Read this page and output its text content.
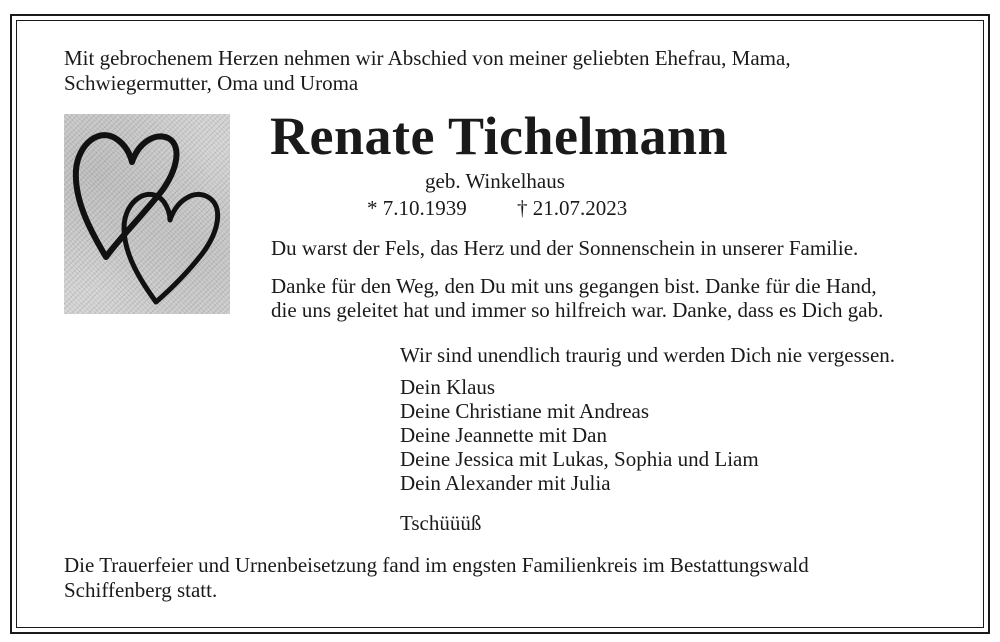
Mit gebrochenem Herzen nehmen wir Abschied von meiner geliebten Ehefrau, Mama,
Schwiegermutter, Oma und Uroma
Renate Tichelmann
geb. Winkelhaus
* 7.10.1939 † 21.07.2023
Du warst der Fels, das Herz und der Sonnenschein in unserer Familie.
Danke für den Weg, den Du mit uns gegangen bist. Danke für die Hand,
die uns geleitet hat und immer so hilfreich war. Danke, dass es Dich gab.
Wir sind unendlich traurig und werden Dich nie vergessen.
Dein Klaus
Deine Christiane mit Andreas
Deine Jeannette mit Dan
Deine Jessica mit Lukas, Sophia und Liam
Dein Alexander mit Julia
Tschüüüß
Die Trauerfeier und Urnenbeisetzung fand im engsten Familienkreis im Bestattungswald
Schiffenberg statt.
